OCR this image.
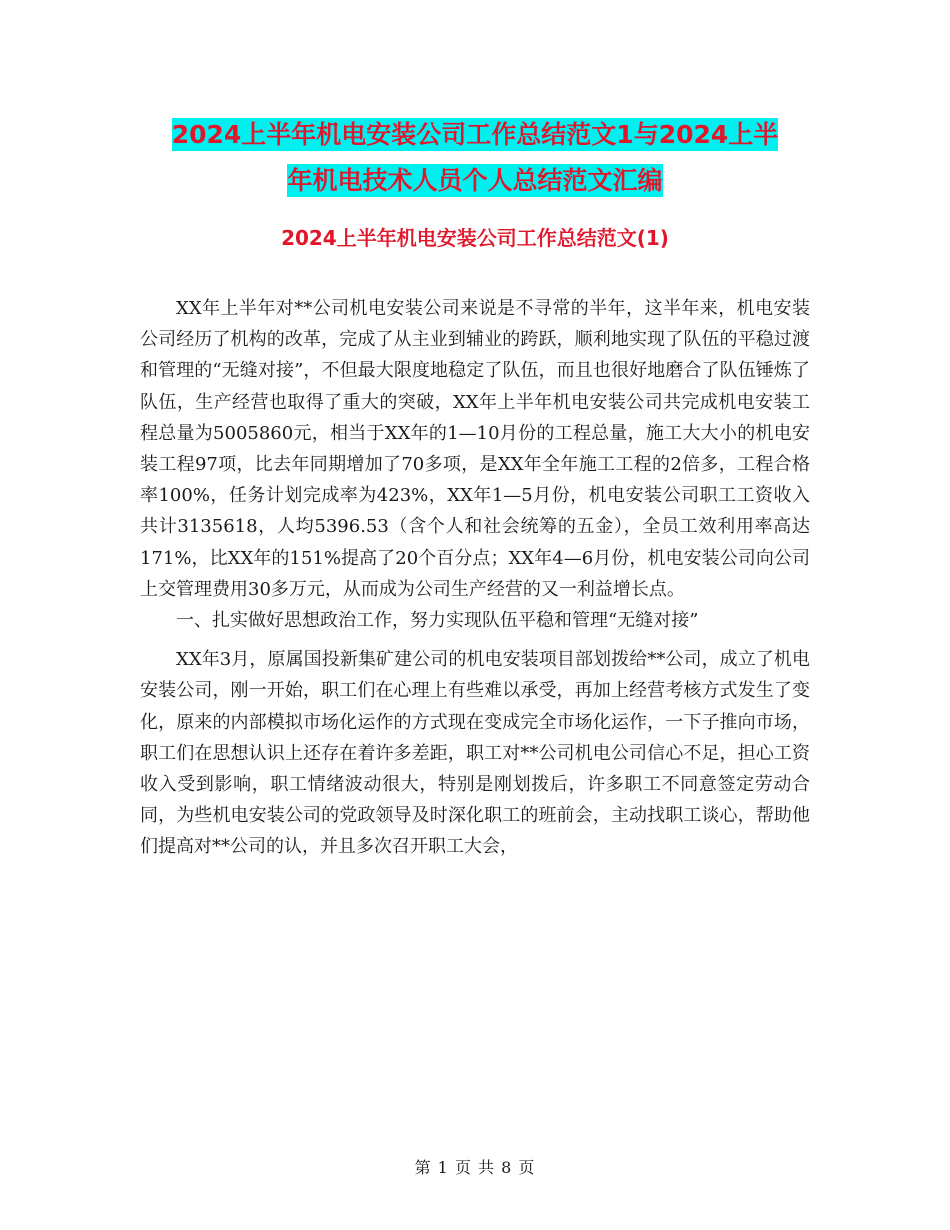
2024上半年机电安装公司工作总结范文1与2024上半
年机电技术人员个人总结范文汇编
2024上半年机电安装公司工作总结范文(1)

XX年上半年对**公司机电安装公司来说是不寻常的半年，这半年来，机电安装公司经历了机构的改革，完成了从主业到辅业的跨跃，顺利地实现了队伍的平稳过渡和管理的“无缝对接”，不但最大限度地稳定了队伍，而且也很好地磨合了队伍锤炼了队伍，生产经营也取得了重大的突破，XX年上半年机电安装公司共完成机电安装工程总量为5005860元，相当于XX年的1—10月份的工程总量，施工大大小的机电安装工程97项，比去年同期增加了70多项，是XX年全年施工工程的2倍多，工程合格率100%，任务计划完成率为423%，XX年1—5月份，机电安装公司职工工资收入共计3135618，人均5396.53（含个人和社会统筹的五金），全员工效利用率高达171%，比XX年的151%提高了20个百分点；XX年4—6月份，机电安装公司向公司上交管理费用30多万元，从而成为公司生产经营的又一利益增长点。

一、扎实做好思想政治工作，努力实现队伍平稳和管理“无缝对接”

XX年3月，原属国投新集矿建公司的机电安装项目部划拨给**公司，成立了机电安装公司，刚一开始，职工们在心理上有些难以承受，再加上经营考核方式发生了变化，原来的内部模拟市场化运作的方式现在变成完全市场化运作，一下子推向市场，职工们在思想认识上还存在着许多差距，职工对**公司机电公司信心不足，担心工资收入受到影响，职工情绪波动很大，特别是刚划拨后，许多职工不同意签定劳动合同，为些机电安装公司的党政领导及时深化职工的班前会，主动找职工谈心，帮助他们提高对**公司的认，并且多次召开职工大会，

第 1 页 共 8 页
